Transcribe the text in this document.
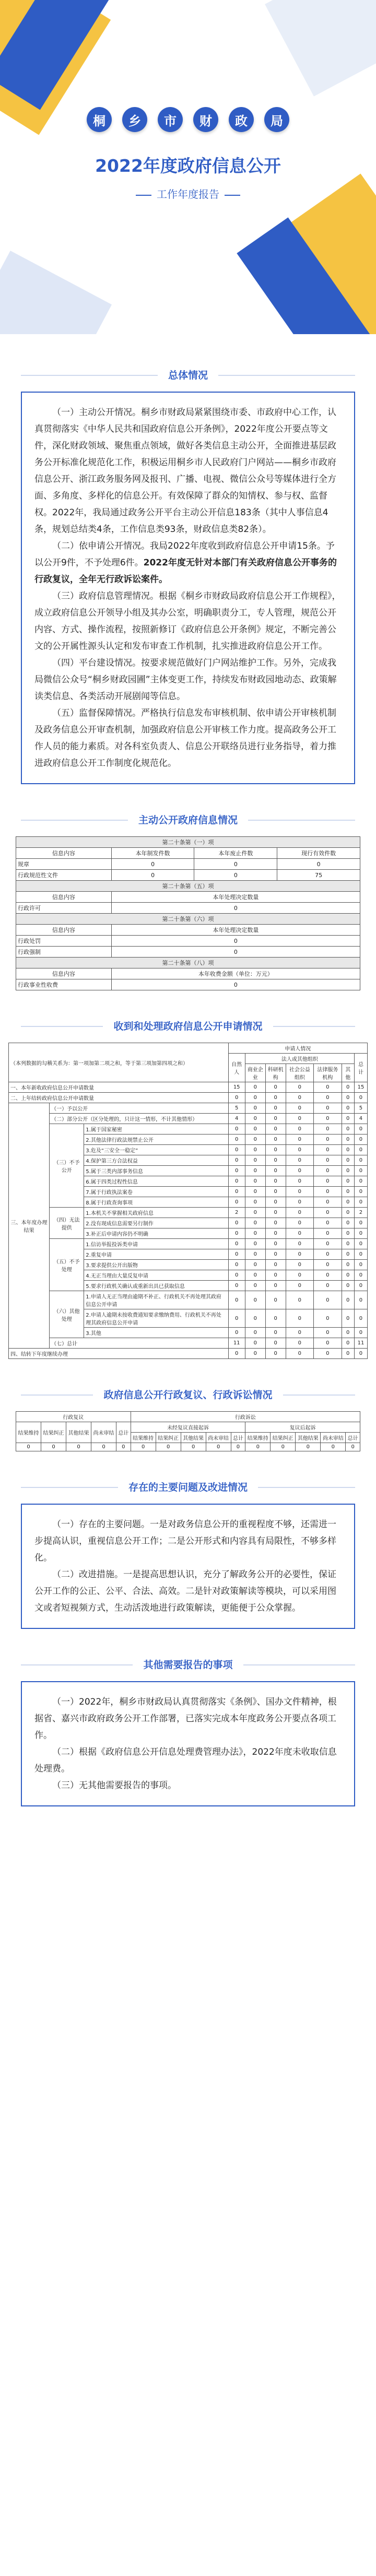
桐	乡	市	财	政	局
2022年度政府信息公开
工作年度报告
总体情况

（一）主动公开情况。桐乡市财政局紧紧围绕市委、市政府中心工作，认真贯彻落实《中华人民共和国政府信息公开条例》，2022年度公开要点等文件，深化财政领域、聚焦重点领域，做好各类信息主动公开，全面推进基层政务公开标准化规范化工作，积极运用桐乡市人民政府门户网站——桐乡市政府信息公开、浙江政务服务网及报刊、广播、电视、微信公众号等媒体进行全方面、多角度、多样化的信息公开。有效保障了群众的知情权、参与权、监督权。2022年，我局通过政务公开平台主动公开信息183条（其中人事信息4条，规划总结类4条，工作信息类93条，财政信息类82条）。

（二）依申请公开情况。我局2022年度收到政府信息公开申请15条。予以公开9件，不予处理6件。2022年度无针对本部门有关政府信息公开事务的行政复议，全年无行政诉讼案件。

（三）政府信息管理情况。根据《桐乡市财政局政府信息公开工作规程》，成立政府信息公开领导小组及其办公室，明确职责分工，专人管理，规范公开内容、方式、操作流程，按照新修订《政府信息公开条例》规定，不断完善公文的公开属性源头认定和发布审查工作机制，扎实推进政府信息公开工作。

（四）平台建设情况。按要求规范做好门户网站维护工作。另外，完成我局微信公众号“桐乡财政园圃”主体变更工作，持续发布财政园地动态、政策解读类信息、各类活动开展剧闻等信息。

（五）监督保障情况。严格执行信息发布审核机制、依申请公开审核机制及政务信息公开审查机制，加强政府信息公开审核工作力度。提高政务公开工作人员的能力素质。对各科室负责人、信息公开联络员进行业务指导，着力推进政府信息公开工作制度化规范化。

主动公开政府信息情况
第二十条第（一）项			
信息内容	本年制发件数	本年废止件数	现行有效件数
规章	0	0	0
行政规范性文件	0	0	75
第二十条第（五）项			
信息内容	本年处理决定数量		
行政许可	0		
第二十条第（六）项			
信息内容	本年处理决定数量		
行政处罚	0		
行政强制	0		
第二十条第（八）项			
信息内容	本年收费金额（单位：万元）		
行政事业性收费	0		
收到和处理政府信息公开申请情况
（本列数据的勾稽关系为：第一项加第二项之和，等于第三项加第四项之和）			申请人情况						
			自然人	法人或其他组织					总计
				商业企业	科研机构	社会公益组织	法律服务机构	其他	
一、本年新收政府信息公开申请数量			15	0	0	0	0	0	15
二、上年结转政府信息公开申请数量			0	0	0	0	0	0	0
三、本年度办理结果	（一）予以公开		5	0	0	0	0	0	5
	（二）部分公开（区分处理的，只计这一情形，不计其他情形）		4	0	0	0	0	0	4
	（三）不予公开	1.属于国家秘密	0	0	0	0	0	0	0
		2.其他法律行政法规禁止公开	0	0	0	0	0	0	0
		3.危及“三安全一稳定”	0	0	0	0	0	0	0
		4.保护第三方合法权益	0	0	0	0	0	0	0
		5.属于三类内部事务信息	0	0	0	0	0	0	0
		6.属于四类过程性信息	0	0	0	0	0	0	0
		7.属于行政执法案卷	0	0	0	0	0	0	0
		8.属于行政查询事项	0	0	0	0	0	0	0
	（四）无法提供	1.本机关不掌握相关政府信息	2	0	0	0	0	0	2
		2.没有现成信息需要另行制作	0	0	0	0	0	0	0
		3.补正后申请内容仍不明确	0	0	0	0	0	0	0
	（五）不予处理	1.信访举报投诉类申请	0	0	0	0	0	0	0
		2.重复申请	0	0	0	0	0	0	0
		3.要求提供公开出版物	0	0	0	0	0	0	0
		4.无正当理由大量反复申请	0	0	0	0	0	0	0
		5.要求行政机关确认或重新出具已获取信息	0	0	0	0	0	0	0
	（六）其他处理	1.申请人无正当理由逾期不补正、行政机关不再处理其政府信息公开申请	0	0	0	0	0	0	0
		2.申请人逾期未按收费通知要求缴纳费用、行政机关不再处理其政府信息公开申请	0	0	0	0	0	0	0
		3.其他	0	0	0	0	0	0	0
	（七）总计		11	0	0	0	0	0	11
四、结转下年度继续办理			0	0	0	0	0	0	0
政府信息公开行政复议、行政诉讼情况
行政复议					行政诉讼									
结果维持	结果纠正	其他结果	尚未审结	总计	未经复议直接起诉					复议后起诉				
					结果维持	结果纠正	其他结果	尚未审结	总计	结果维持	结果纠正	其他结果	尚未审结	总计
0	0	0	0	0	0	0	0	0	0	0	0	0	0	0
存在的主要问题及改进情况

（一）存在的主要问题。一是对政务信息公开的重视程度不够，还需进一步提高认识，重视信息公开工作；二是公开形式和内容具有局限性，不够多样化。

（二）改进措施。一是提高思想认识，充分了解政务公开的必要性，保证公开工作的公正、公平、合法、高效。二是针对政策解读等模块，可以采用图文或者短视频方式，生动活泼地进行政策解读，更能便于公众掌握。

其他需要报告的事项

（一）2022年，桐乡市财政局认真贯彻落实《条例》、国办文件精神，根据省、嘉兴市政府政务公开工作部署，已落实完成本年度政务公开要点各项工作。

（二）根据《政府信息公开信息处理费管理办法》，2022年度未收取信息处理费。

（三）无其他需要报告的事项。
